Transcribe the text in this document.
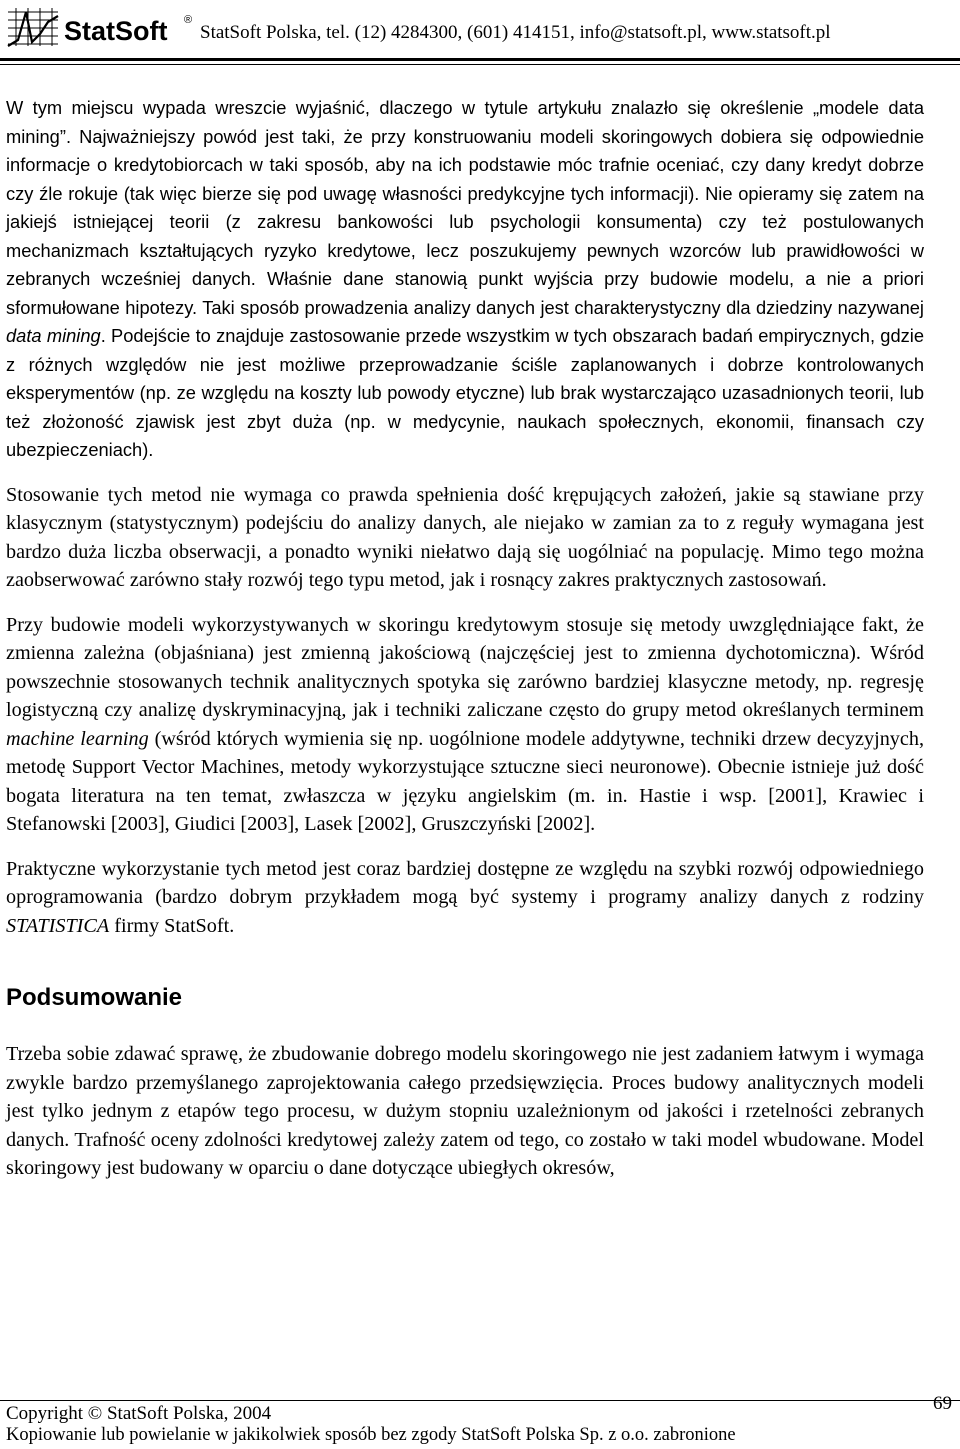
StatSoft ®
StatSoft Polska, tel. (12) 4284300, (601) 414151, info@statsoft.pl, www.statsoft.pl

W tym miejscu wypada wreszcie wyjaśnić, dlaczego w tytule artykułu znalazło się określenie „modele data mining”. Najważniejszy powód jest taki, że przy konstruowaniu modeli skoringowych dobiera się odpowiednie informacje o kredytobiorcach w taki sposób, aby na ich podstawie móc trafnie oceniać, czy dany kredyt dobrze czy źle rokuje (tak więc bierze się pod uwagę własności predykcyjne tych informacji). Nie opieramy się zatem na jakiejś istniejącej teorii (z zakresu bankowości lub psychologii konsumenta) czy też postulowanych mechanizmach kształtujących ryzyko kredytowe, lecz poszukujemy pewnych wzorców lub prawidłowości w zebranych wcześniej danych. Właśnie dane stanowią punkt wyjścia przy budowie modelu, a nie a priori sformułowane hipotezy. Taki sposób prowadzenia analizy danych jest charakterystyczny dla dziedziny nazywanej data mining. Podejście to znajduje zastosowanie przede wszystkim w tych obszarach badań empirycznych, gdzie z różnych względów nie jest możliwe przeprowadzanie ściśle zaplanowanych i dobrze kontrolowanych eksperymentów (np. ze względu na koszty lub powody etyczne) lub brak wystarczająco uzasadnionych teorii, lub też złożoność zjawisk jest zbyt duża (np. w medycynie, naukach społecznych, ekonomii, finansach czy ubezpieczeniach).

Stosowanie tych metod nie wymaga co prawda spełnienia dość krępujących założeń, jakie są stawiane przy klasycznym (statystycznym) podejściu do analizy danych, ale niejako w zamian za to z reguły wymagana jest bardzo duża liczba obserwacji, a ponadto wyniki niełatwo dają się uogólniać na populację. Mimo tego można zaobserwować zarówno stały rozwój tego typu metod, jak i rosnący zakres praktycznych zastosowań.

Przy budowie modeli wykorzystywanych w skoringu kredytowym stosuje się metody uwzględniające fakt, że zmienna zależna (objaśniana) jest zmienną jakościową (najczęściej jest to zmienna dychotomiczna). Wśród powszechnie stosowanych technik analitycznych spotyka się zarówno bardziej klasyczne metody, np. regresję logistyczną czy analizę dyskryminacyjną, jak i techniki zaliczane często do grupy metod określanych terminem machine learning (wśród których wymienia się np. uogólnione modele addytywne, techniki drzew decyzyjnych, metodę Support Vector Machines, metody wykorzystujące sztuczne sieci neuronowe). Obecnie istnieje już dość bogata literatura na ten temat, zwłaszcza w języku angielskim (m. in. Hastie i wsp. [2001], Krawiec i Stefanowski [2003], Giudici [2003], Lasek [2002], Gruszczyński [2002].

Praktyczne wykorzystanie tych metod jest coraz bardziej dostępne ze względu na szybki rozwój odpowiedniego oprogramowania (bardzo dobrym przykładem mogą być systemy i programy analizy danych z rodziny STATISTICA firmy StatSoft.

Podsumowanie

Trzeba sobie zdawać sprawę, że zbudowanie dobrego modelu skoringowego nie jest zadaniem łatwym i wymaga zwykle bardzo przemyślanego zaprojektowania całego przedsięwzięcia. Proces budowy analitycznych modeli jest tylko jednym z etapów tego procesu, w dużym stopniu uzależnionym od jakości i rzetelności zebranych danych. Trafność oceny zdolności kredytowej zależy zatem od tego, co zostało w taki model wbudowane. Model skoringowy jest budowany w oparciu o dane dotyczące ubiegłych okresów,

Copyright © StatSoft Polska, 2004
Kopiowanie lub powielanie w jakikolwiek sposób bez zgody StatSoft Polska Sp. z o.o. zabronione
69
